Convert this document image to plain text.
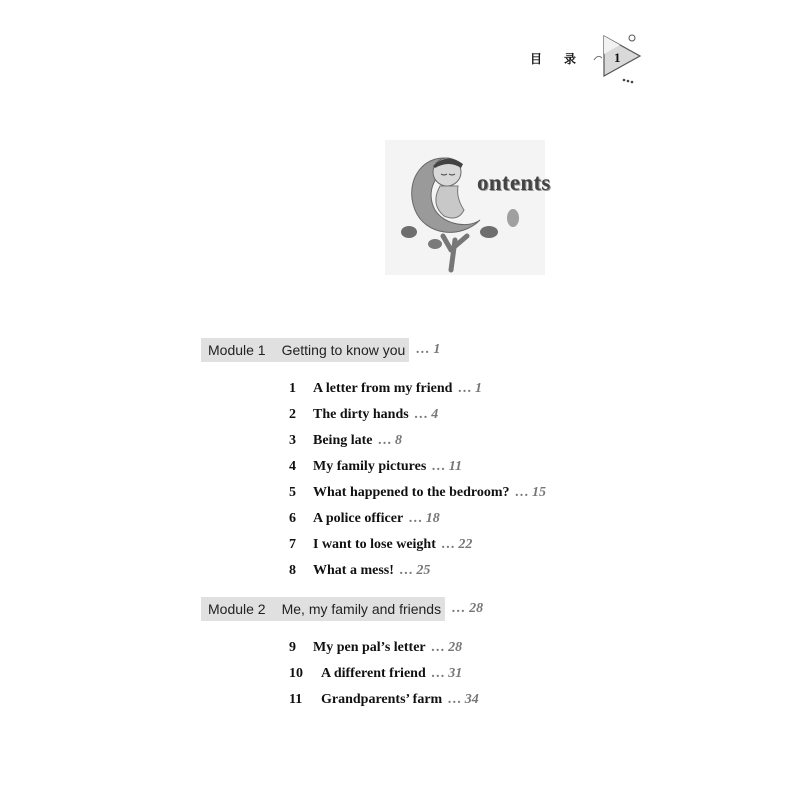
目录 1
ontents
Module 1 Getting to know you … 1
1	A letter from my friend … 1
2	The dirty hands … 4
3	Being late … 8
4	My family pictures … 11
5	What happened to the bedroom? … 15
6	A police officer … 18
7	I want to lose weight … 22
8	What a mess! … 25
Module 2 Me, my family and friends … 28
9	My pen pal’s letter … 28
10	A different friend … 31
11	Grandparents’ farm … 34
